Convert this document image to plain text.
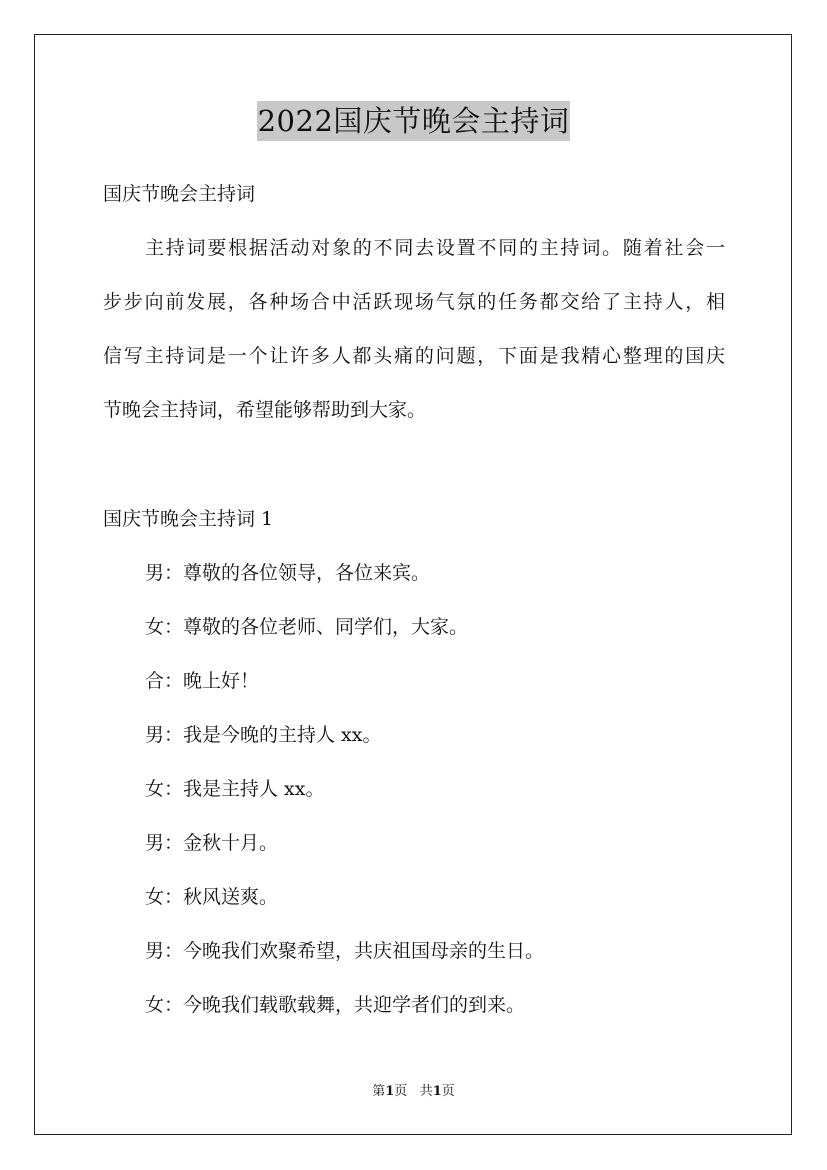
2022国庆节晚会主持词
国庆节晚会主持词
主持词要根据活动对象的不同去设置不同的主持词。随着社会一
步步向前发展，各种场合中活跃现场气氛的任务都交给了主持人，相
信写主持词是一个让许多人都头痛的问题，下面是我精心整理的国庆
节晚会主持词，希望能够帮助到大家。
国庆节晚会主持词 1
男：尊敬的各位领导，各位来宾。
女：尊敬的各位老师、同学们，大家。
合：晚上好！
男：我是今晚的主持人 xx。
女：我是主持人 xx。
男：金秋十月。
女：秋风送爽。
男：今晚我们欢聚希望，共庆祖国母亲的生日。
女：今晚我们载歌载舞，共迎学者们的到来。
第1页 共1页
